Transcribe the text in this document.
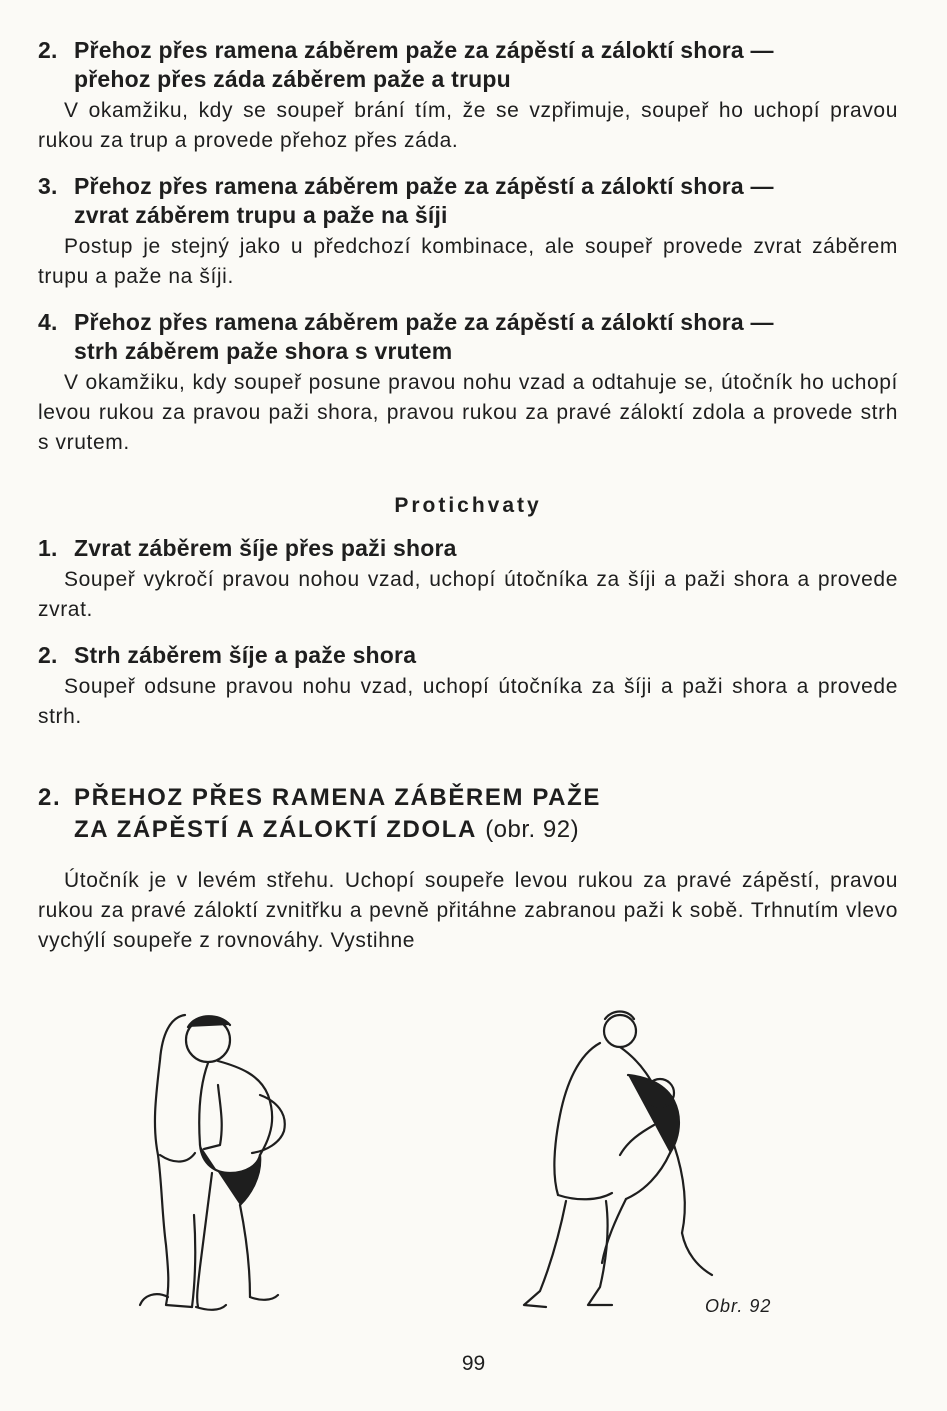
2. Přehoz přes ramena záběrem paže za zápěstí a záloktí shora —
přehoz přes záda záběrem paže a trupu

V okamžiku, kdy se soupeř brání tím, že se vzpřimuje, soupeř ho uchopí pravou rukou za trup a provede přehoz přes záda.

3. Přehoz přes ramena záběrem paže za zápěstí a záloktí shora —
zvrat záběrem trupu a paže na šíji

Postup je stejný jako u předchozí kombinace, ale soupeř provede zvrat záběrem trupu a paže na šíji.

4. Přehoz přes ramena záběrem paže za zápěstí a záloktí shora —
strh záběrem paže shora s vrutem

V okamžiku, kdy soupeř posune pravou nohu vzad a odtahuje se, útočník ho uchopí levou rukou za pravou paži shora, pravou rukou za pravé záloktí zdola a provede strh s vrutem.

Protichvaty
1. Zvrat záběrem šíje přes paži shora

Soupeř vykročí pravou nohou vzad, uchopí útočníka za šíji a paži shora a provede zvrat.

2. Strh záběrem šíje a paže shora

Soupeř odsune pravou nohu vzad, uchopí útočníka za šíji a paži shora a provede strh.

2. PŘEHOZ PŘES RAMENA ZÁBĚREM PAŽE
ZA ZÁPĚSTÍ A ZÁLOKTÍ ZDOLA (obr. 92)

Útočník je v levém střehu. Uchopí soupeře levou rukou za pravé zápěstí, pravou rukou za pravé záloktí zvnitřku a pevně přitáhne zabranou paži k sobě. Trhnutím vlevo vychýlí soupeře z rovnováhy. Vystihne

Obr. 92
99
